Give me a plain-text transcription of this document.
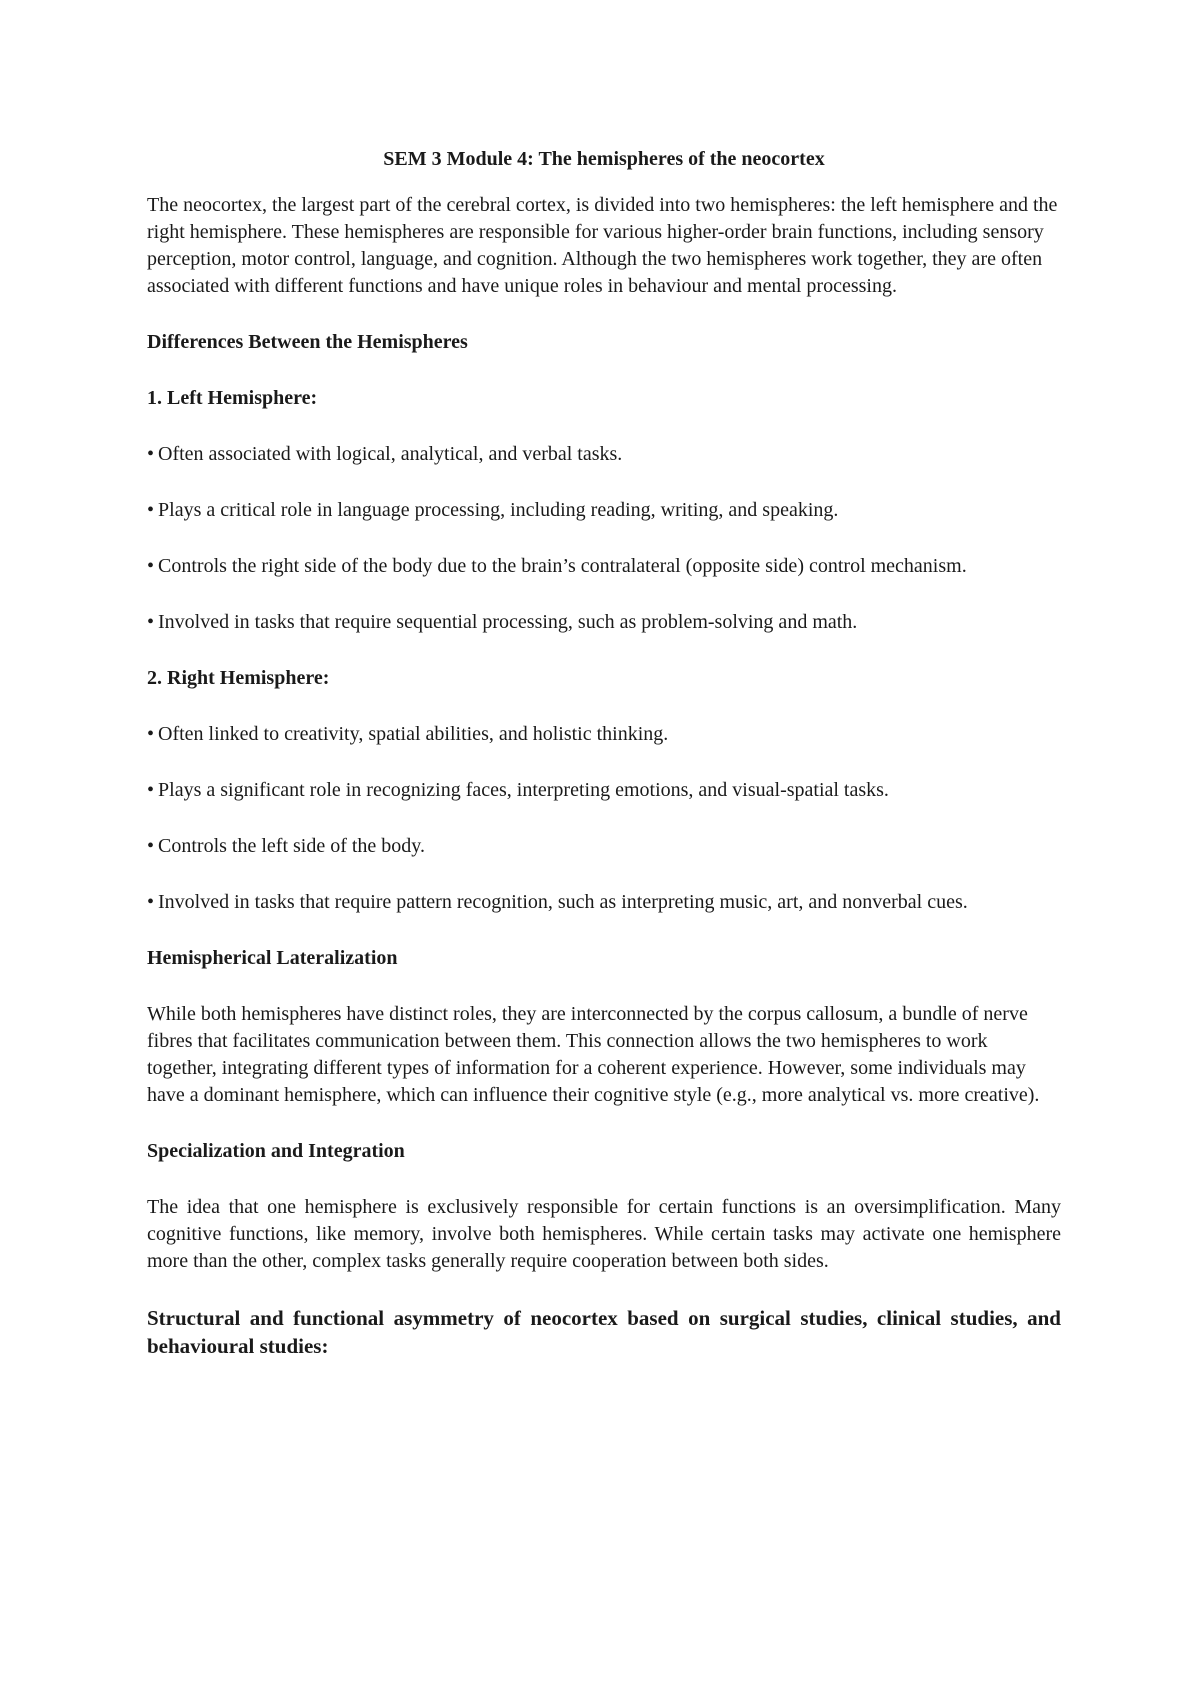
SEM 3 Module 4: The hemispheres of the neocortex

The neocortex, the largest part of the cerebral cortex, is divided into two hemispheres: the left hemisphere and the right hemisphere. These hemispheres are responsible for various higher-order brain functions, including sensory perception, motor control, language, and cognition. Although the two hemispheres work together, they are often associated with different functions and have unique roles in behaviour and mental processing.

Differences Between the Hemispheres
1. Left Hemisphere:

• Often associated with logical, analytical, and verbal tasks.

• Plays a critical role in language processing, including reading, writing, and speaking.

• Controls the right side of the body due to the brain’s contralateral (opposite side) control mechanism.

• Involved in tasks that require sequential processing, such as problem-solving and math.

2. Right Hemisphere:

• Often linked to creativity, spatial abilities, and holistic thinking.

• Plays a significant role in recognizing faces, interpreting emotions, and visual-spatial tasks.

• Controls the left side of the body.

• Involved in tasks that require pattern recognition, such as interpreting music, art, and nonverbal cues.

Hemispherical Lateralization

While both hemispheres have distinct roles, they are interconnected by the corpus callosum, a bundle of nerve fibres that facilitates communication between them. This connection allows the two hemispheres to work together, integrating different types of information for a coherent experience. However, some individuals may have a dominant hemisphere, which can influence their cognitive style (e.g., more analytical vs. more creative).

Specialization and Integration

The idea that one hemisphere is exclusively responsible for certain functions is an oversimplification. Many cognitive functions, like memory, involve both hemispheres. While certain tasks may activate one hemisphere more than the other, complex tasks generally require cooperation between both sides.

Structural and functional asymmetry of neocortex based on surgical studies, clinical studies, and behavioural studies:
